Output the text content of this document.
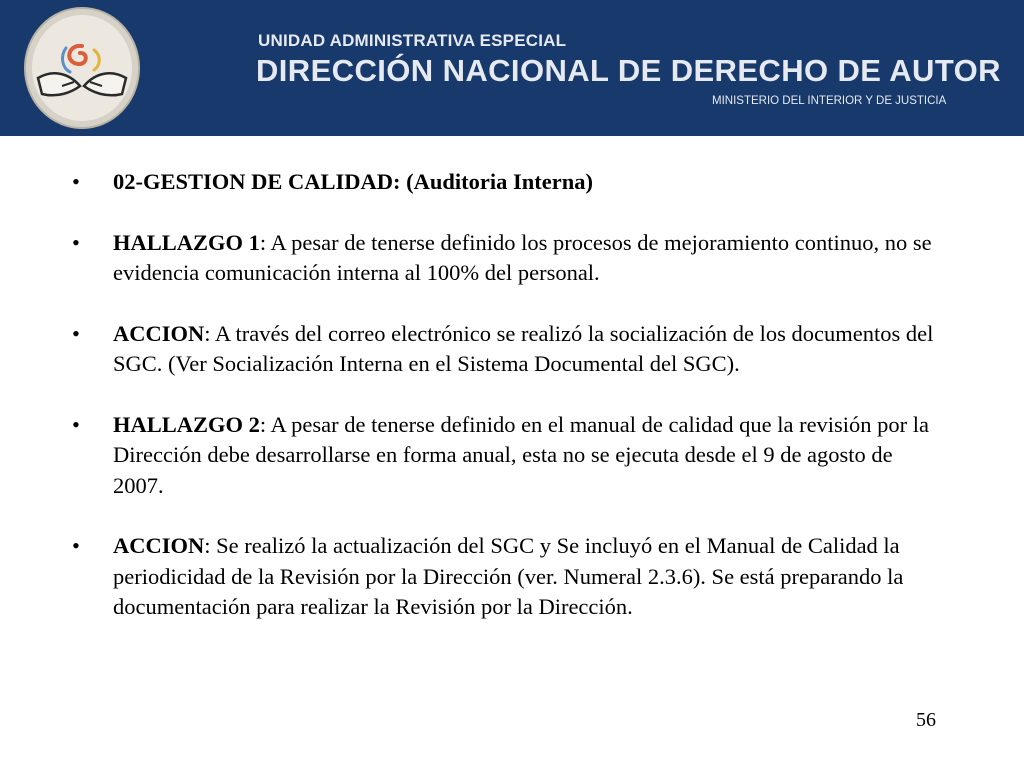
UNIDAD ADMINISTRATIVA ESPECIAL
DIRECCIÓN NACIONAL DE DERECHO DE AUTOR
MINISTERIO DEL INTERIOR Y DE JUSTICIA
• 02-GESTION DE CALIDAD: (Auditoria Interna)
• HALLAZGO 1: A pesar de tenerse definido los procesos de mejoramiento continuo, no se evidencia comunicación interna al 100% del personal.
• ACCION: A través del correo electrónico se realizó la socialización de los documentos del SGC. (Ver Socialización Interna en el Sistema Documental del SGC).
• HALLAZGO 2: A pesar de tenerse definido en el manual de calidad que la revisión por la Dirección debe desarrollarse en forma anual, esta no se ejecuta desde el 9 de agosto de 2007.
• ACCION: Se realizó la actualización del SGC y Se incluyó en el Manual de Calidad la periodicidad de la Revisión por la Dirección (ver. Numeral 2.3.6). Se está preparando la documentación para realizar la Revisión por la Dirección.
56
